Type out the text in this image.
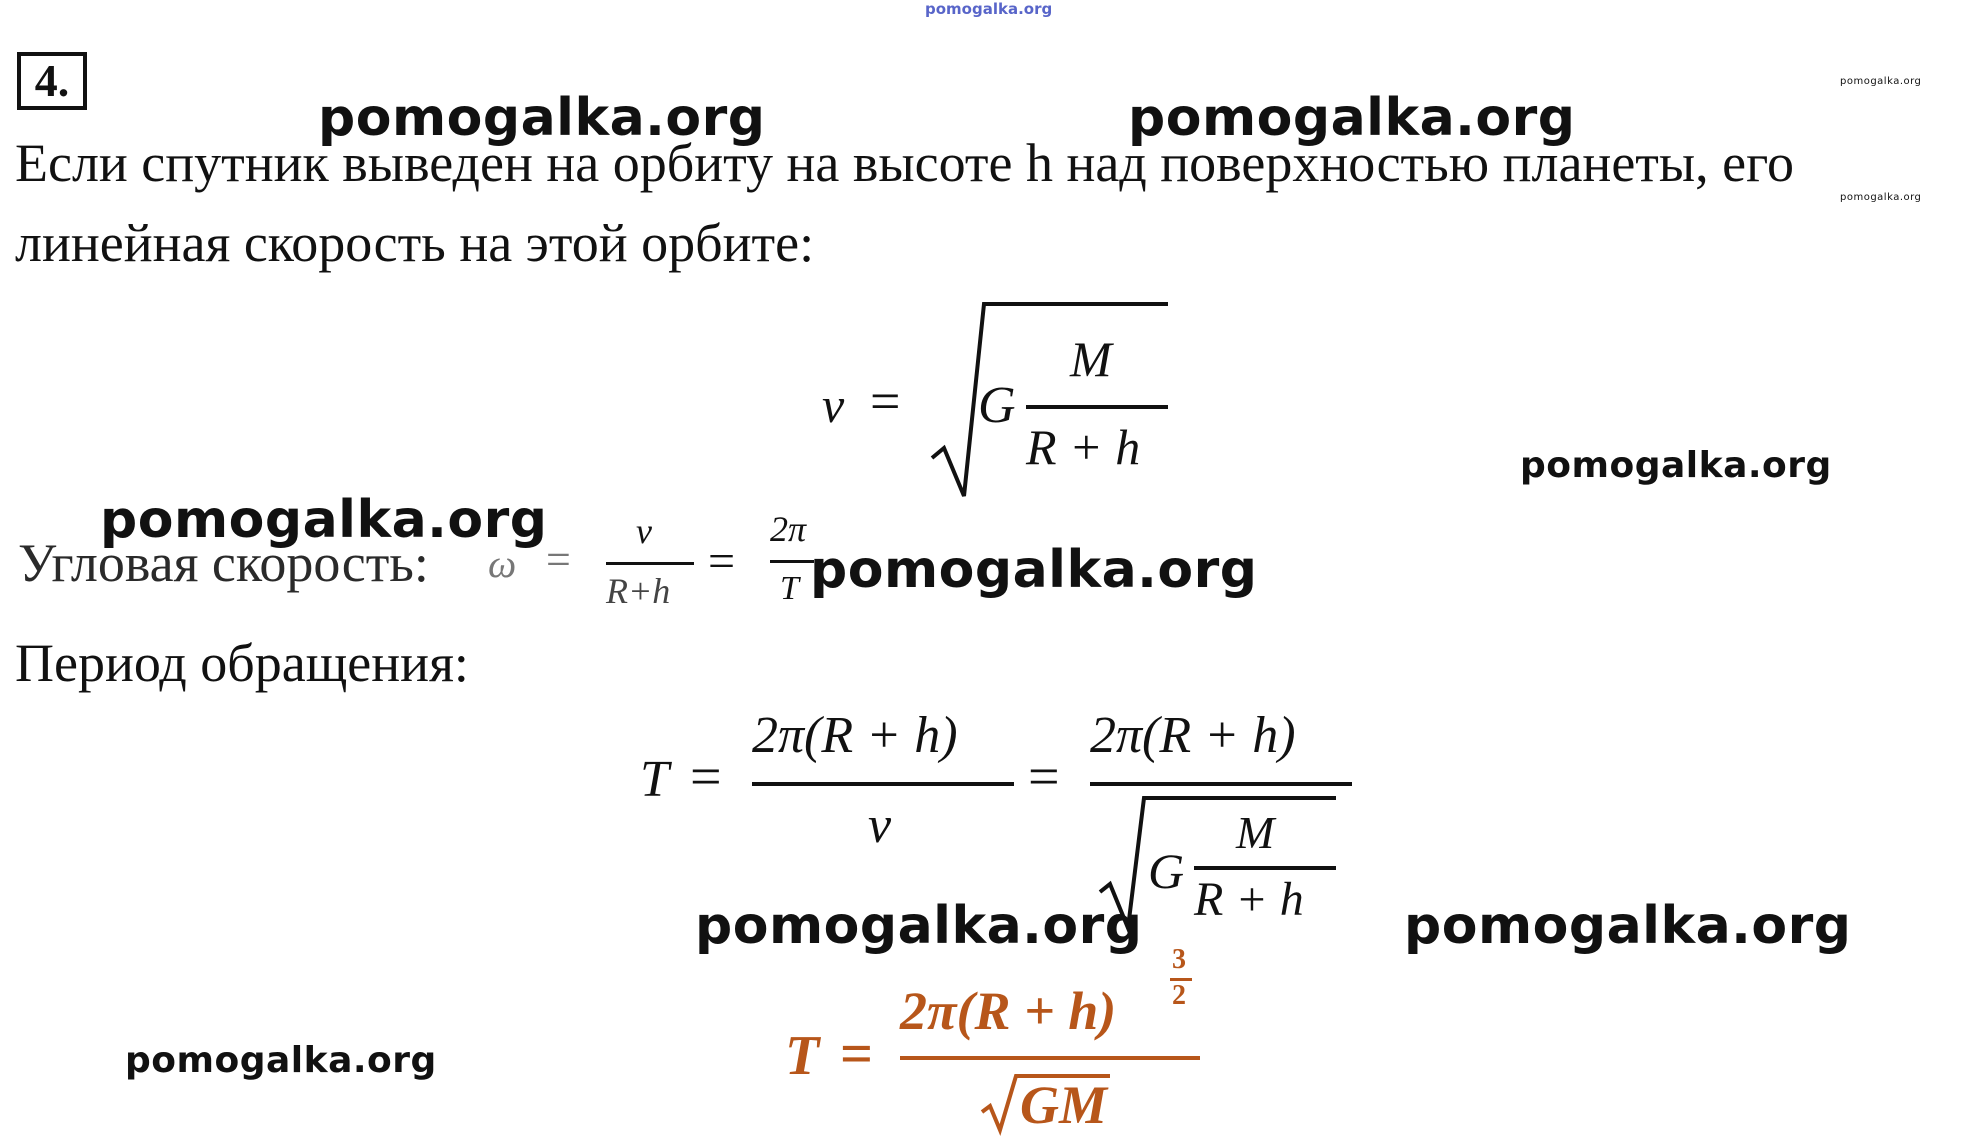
pomogalka.org
4.
pomogalka.org	pomogalka.org
pomogalka.org
pomogalka.org
Если спутник выведен на орбиту на высоте h над поверхностью планеты, его
линейная скорость на этой орбите:
v = G
M
R + h	pomogalka.org
pomogalka.org
Угловая скорость: ω =
v
R+h
=
2π
T pomogalka.org
Период обращения:
T =
2π(R + h)
v
=
2π(R + h)
G
M
R + h
pomogalka.org	pomogalka.org
pomogalka.org	T =
2π(R + h)
3
2
GM
